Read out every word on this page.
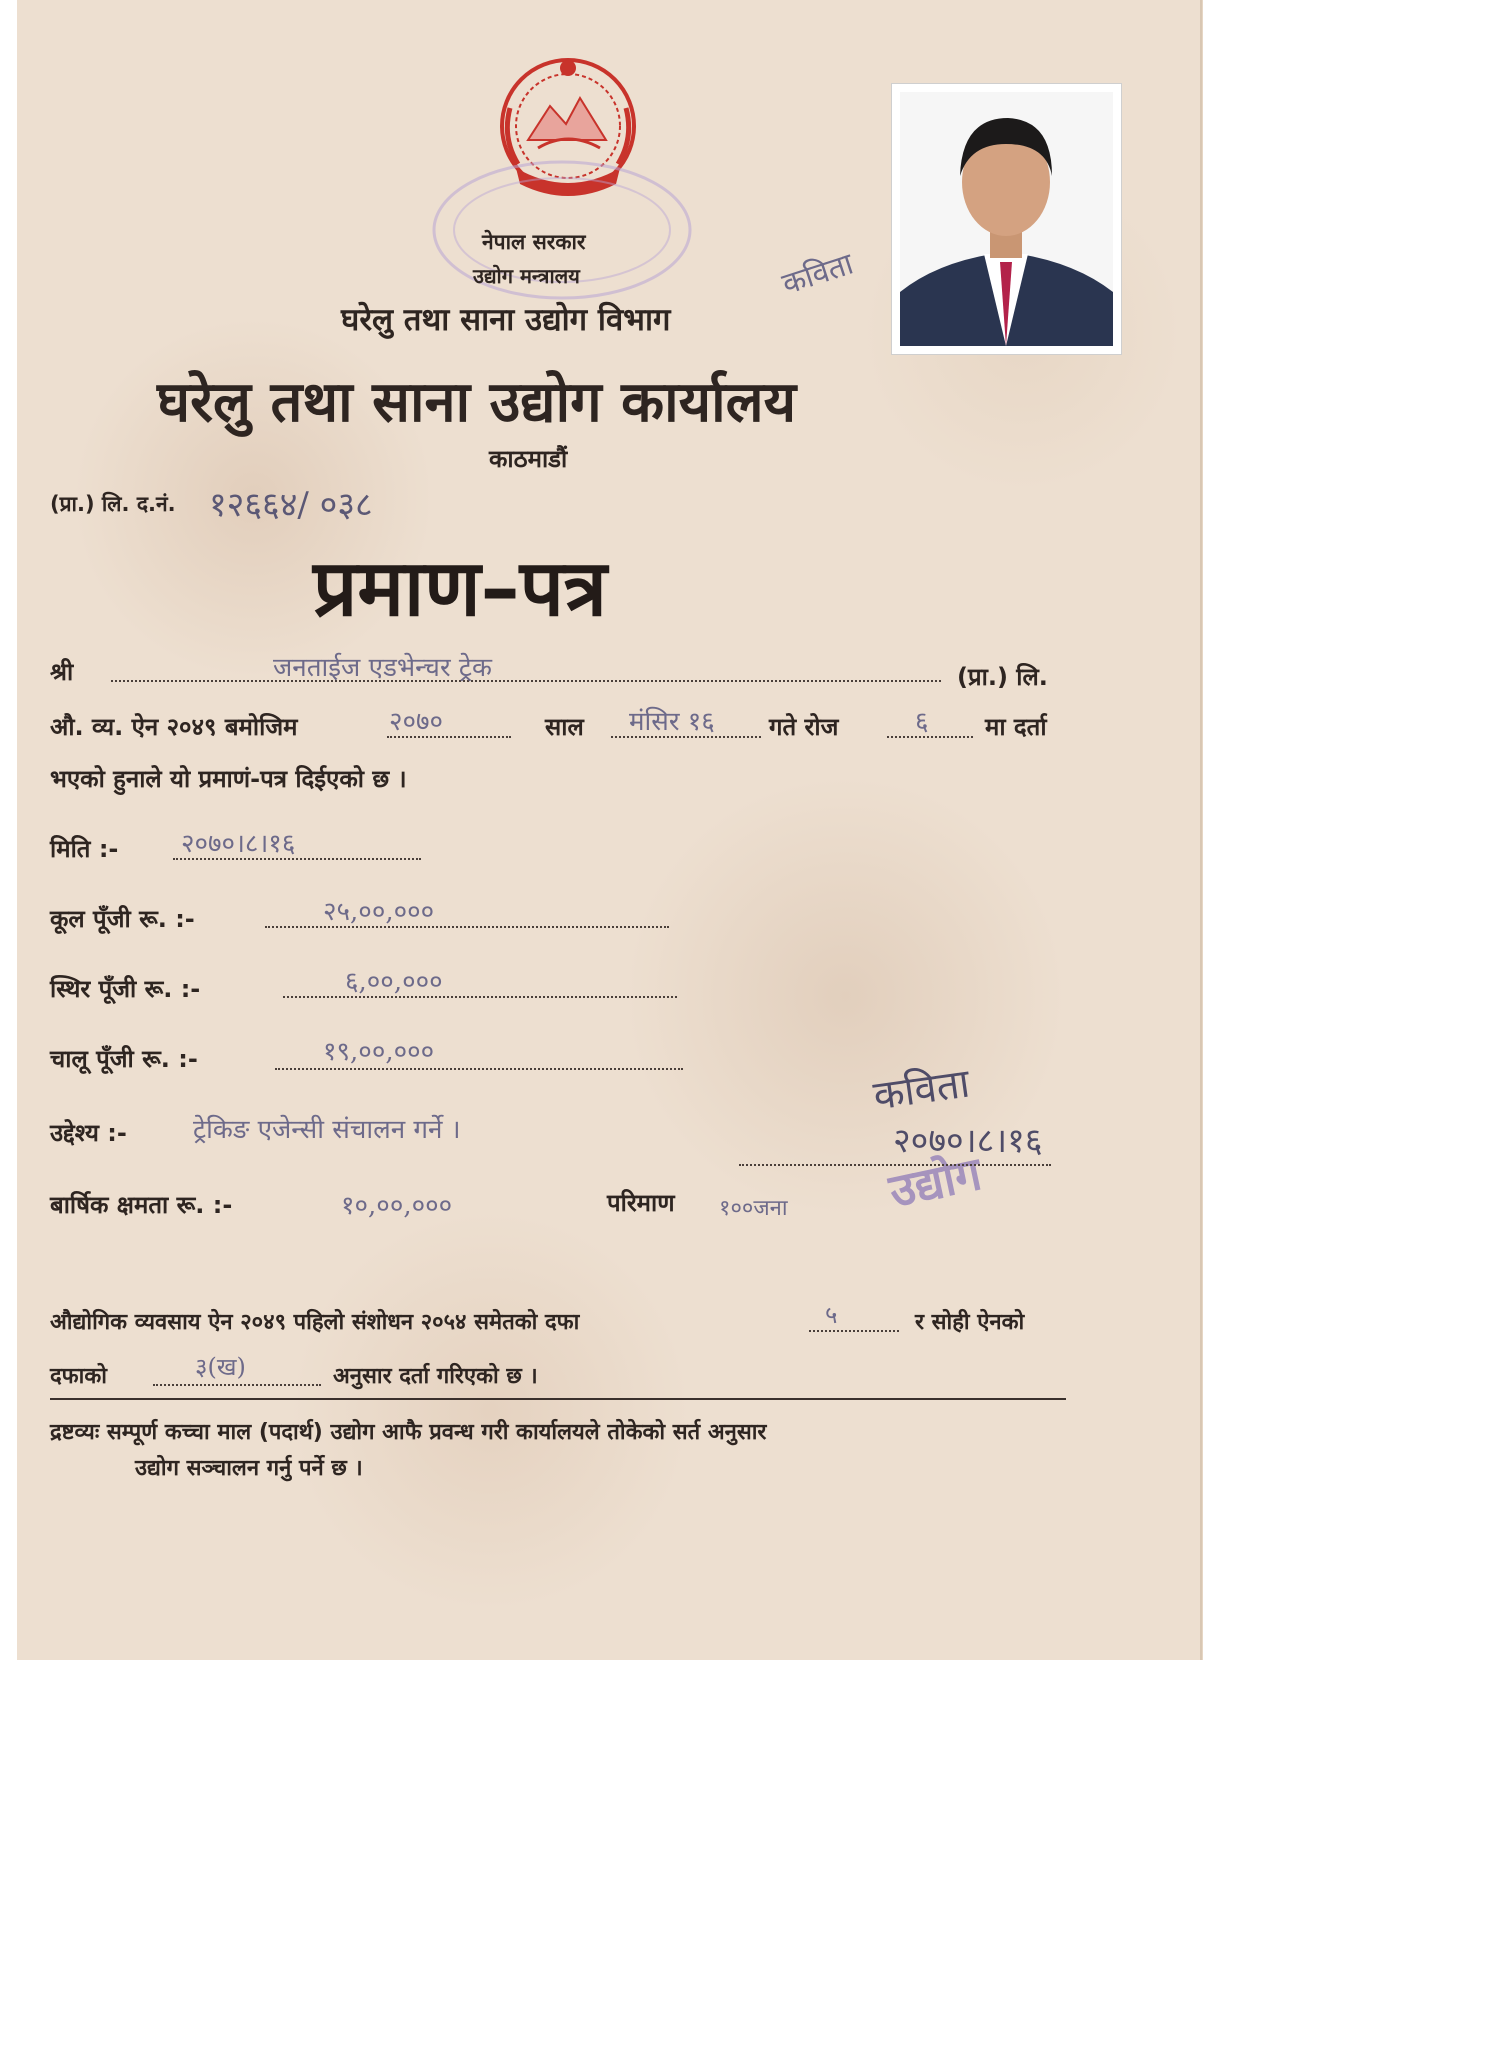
नेपाल सरकार
उद्योग मन्त्रालय
घरेलु तथा साना उद्योग विभाग
घरेलु तथा साना उद्योग कार्यालय
काठमाडौं
कविता
(प्रा.) लि. द.नं. १२६६४/ ०३८
प्रमाण–पत्र
श्री	जनताईज एडभेन्चर ट्रेक	(प्रा.) लि.
औ. व्य. ऐन २०४९ बमोजिम	२०७०	साल मंसिर १६ गते रोज	६ मा दर्ता
भएको हुनाले यो प्रमाणं-पत्र दिईएको छ ।
मिति :- २०७०।८।१६
कूल पूँजी रू. :-	२५,००,०००
स्थिर पूँजी रू. :-	६,००,०००
चालू पूँजी रू. :-	१९,००,०००
उद्देश्य :-	ट्रेकिङ एजेन्सी संचालन गर्ने ।
बार्षिक क्षमता रू. :-	१०,००,०००	परिमाण १००जना
कविता
२०७०।८।१६
उद्योग
औद्योगिक व्यवसाय ऐन २०४९ पहिलो संशोधन २०५४ समेतको दफा	५	र सोही ऐनको
दफाको	३(ख)	अनुसार दर्ता गरिएको छ ।
द्रष्टव्यः सम्पूर्ण कच्चा माल (पदार्थ) उद्योग आफै प्रवन्ध गरी कार्यालयले तोकेको सर्त अनुसार
उद्योग सञ्चालन गर्नु पर्ने छ ।
